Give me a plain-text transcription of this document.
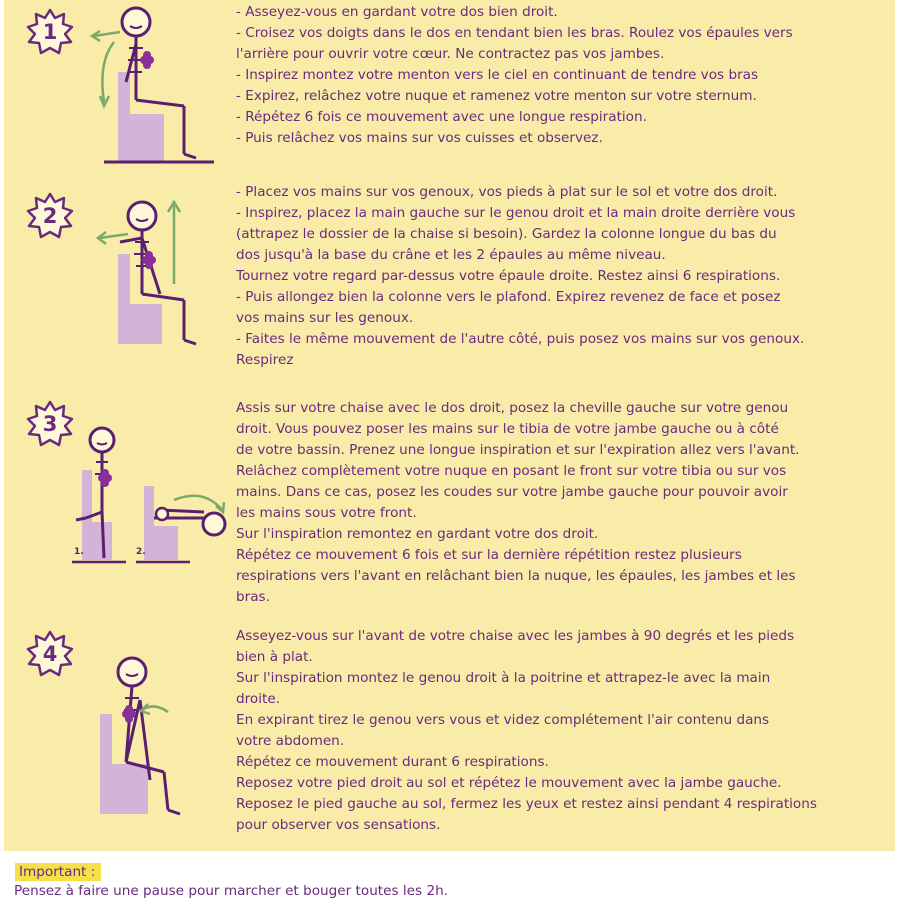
1
- Asseyez-vous en gardant votre dos bien droit.
- Croisez vos doigts dans le dos en tendant bien les bras. Roulez vos épaules vers
l'arrière pour ouvrir votre cœur. Ne contractez pas vos jambes.
- Inspirez montez votre menton vers le ciel en continuant de tendre vos bras
- Expirez, relâchez votre nuque et ramenez votre menton sur votre sternum.
- Répétez 6 fois ce mouvement avec une longue respiration.
- Puis relâchez vos mains sur vos cuisses et observez.
2
- Placez vos mains sur vos genoux, vos pieds à plat sur le sol et votre dos droit.
- Inspirez, placez la main gauche sur le genou droit et la main droite derrière vous
(attrapez le dossier de la chaise si besoin). Gardez la colonne longue du bas du
dos jusqu'à la base du crâne et les 2 épaules au même niveau.
Tournez votre regard par-dessus votre épaule droite. Restez ainsi 6 respirations.
- Puis allongez bien la colonne vers le plafond. Expirez revenez de face et posez
vos mains sur les genoux.
- Faites le même mouvement de l'autre côté, puis posez vos mains sur vos genoux.
Respirez
3
1.	2.
Assis sur votre chaise avec le dos droit, posez la cheville gauche sur votre genou
droit. Vous pouvez poser les mains sur le tibia de votre jambe gauche ou à côté
de votre bassin. Prenez une longue inspiration et sur l'expiration allez vers l'avant.
Relâchez complètement votre nuque en posant le front sur votre tibia ou sur vos
mains. Dans ce cas, posez les coudes sur votre jambe gauche pour pouvoir avoir
les mains sous votre front.
Sur l'inspiration remontez en gardant votre dos droit.
Répétez ce mouvement 6 fois et sur la dernière répétition restez plusieurs
respirations vers l'avant en relâchant bien la nuque, les épaules, les jambes et les
bras.
4
Asseyez-vous sur l'avant de votre chaise avec les jambes à 90 degrés et les pieds
bien à plat.
Sur l'inspiration montez le genou droit à la poitrine et attrapez-le avec la main
droite.
En expirant tirez le genou vers vous et videz complétement l'air contenu dans
votre abdomen.
Répétez ce mouvement durant 6 respirations.
Reposez votre pied droit au sol et répétez le mouvement avec la jambe gauche.
Reposez le pied gauche au sol, fermez les yeux et restez ainsi pendant 4 respirations
pour observer vos sensations.
Important :
Pensez à faire une pause pour marcher et bouger toutes les 2h.
